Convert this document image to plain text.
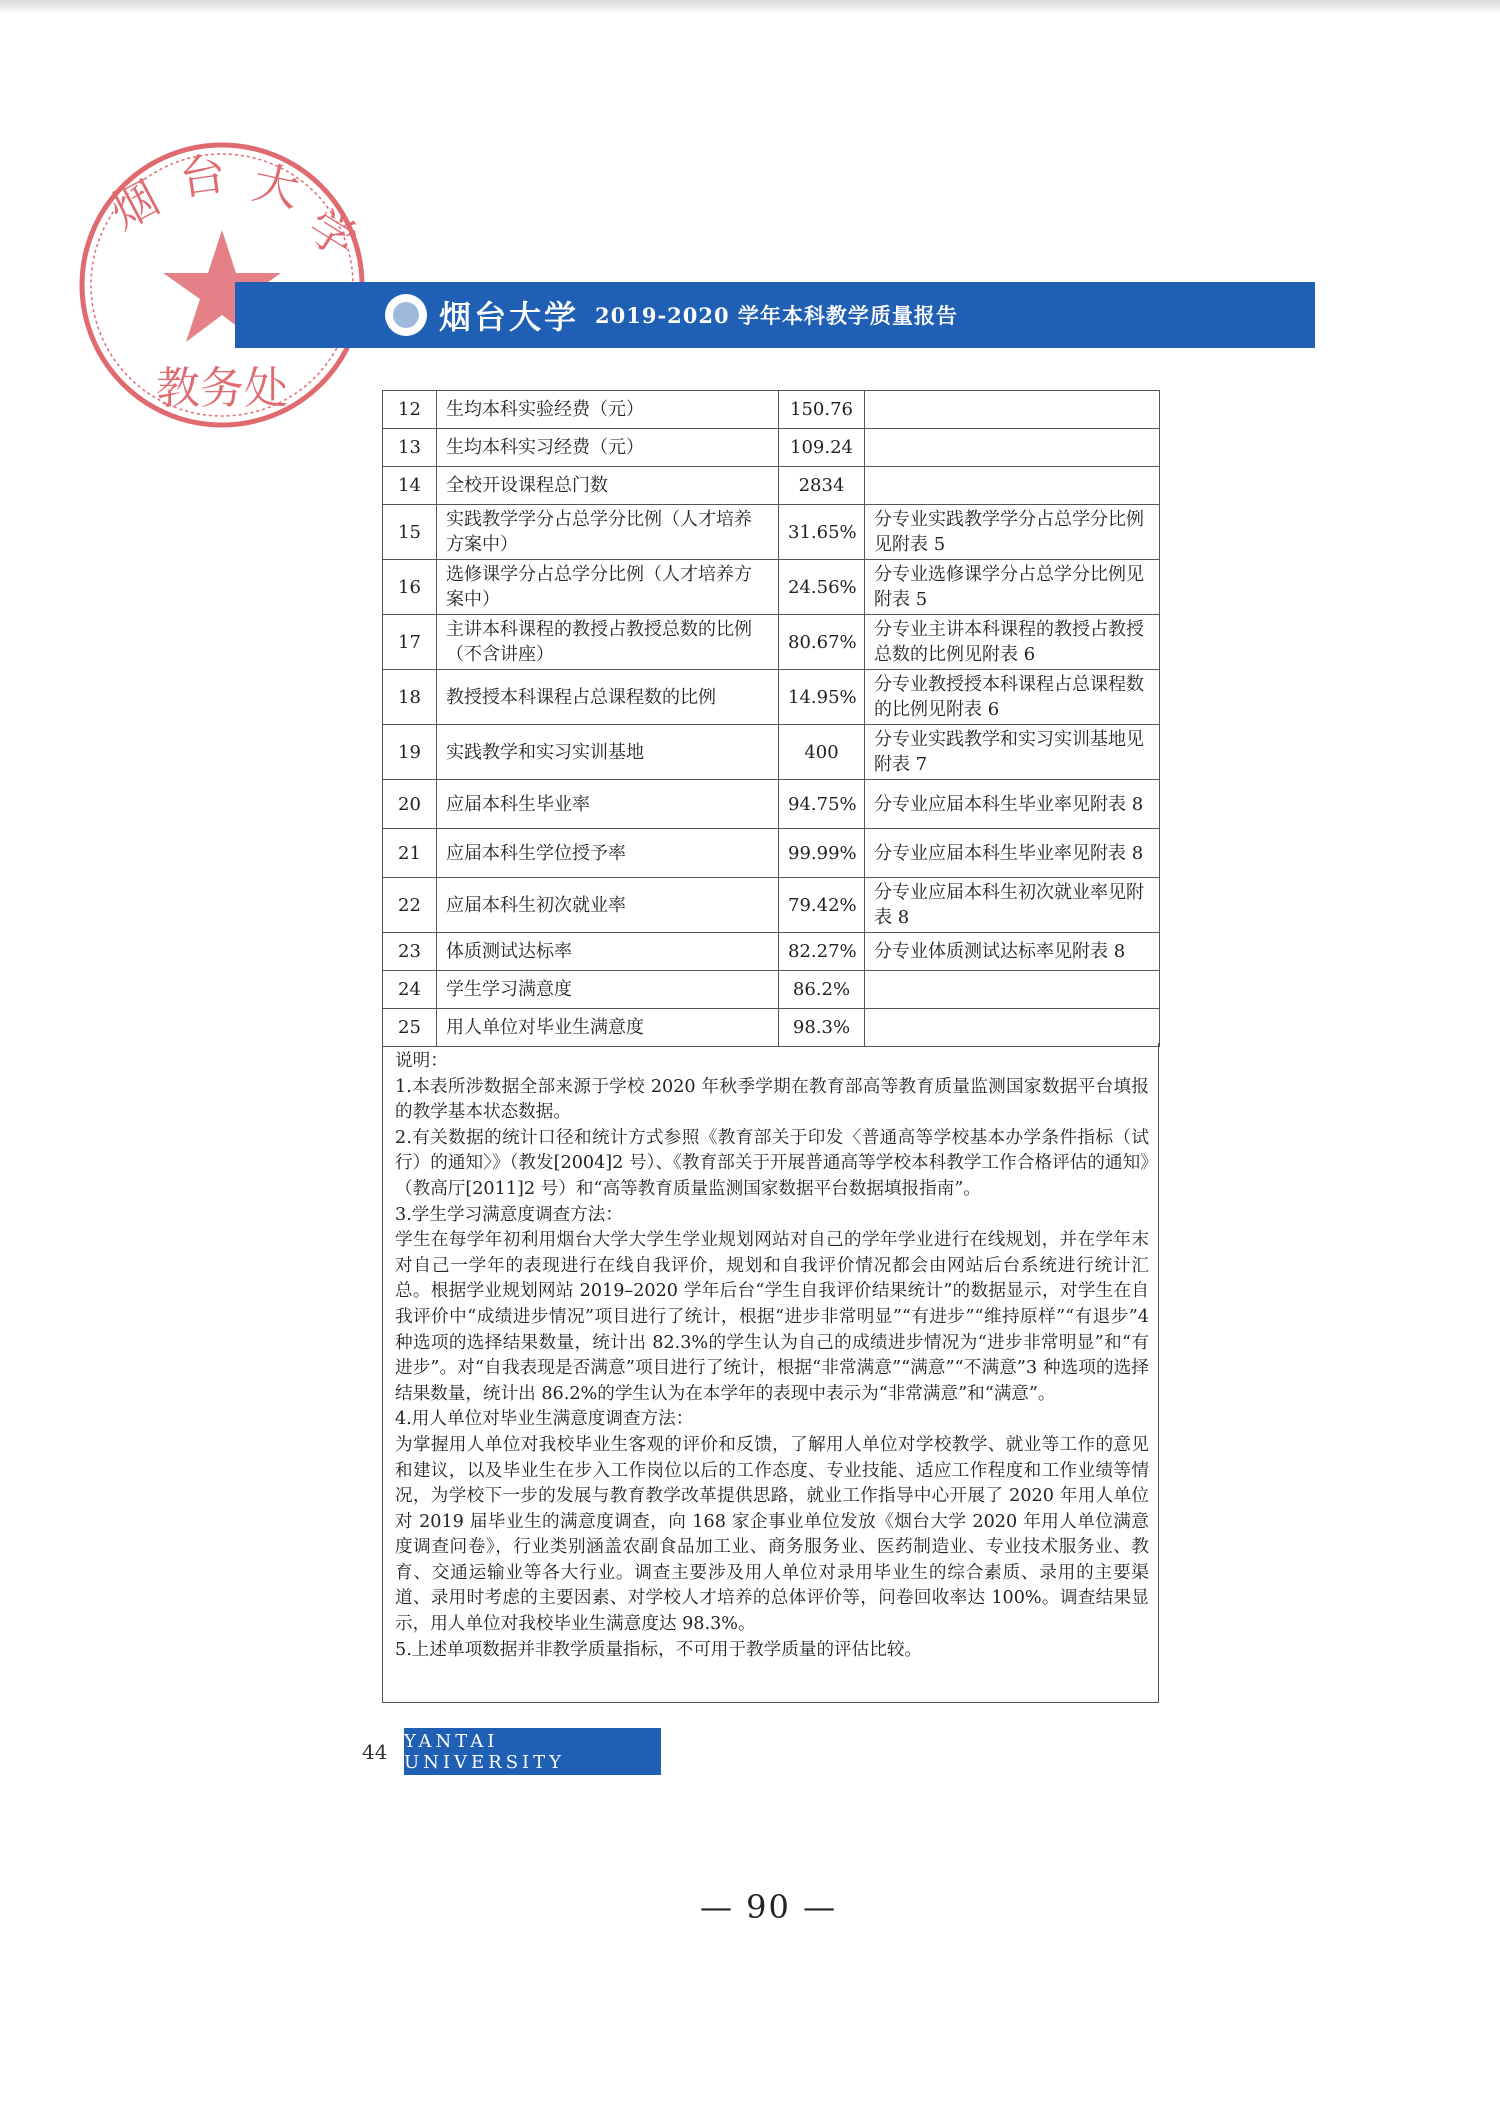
烟 台 大
学
教务处
烟台大学 2019-2020 学年本科教学质量报告
12	生均本科实验经费（元）	150.76	
13	生均本科实习经费（元）	109.24	
14	全校开设课程总门数	2834	
15	实践教学学分占总学分比例（人才培养方案中）	31.65%	分专业实践教学学分占总学分比例见附表 5
16	选修课学分占总学分比例（人才培养方案中）	24.56%	分专业选修课学分占总学分比例见附表 5
17	主讲本科课程的教授占教授总数的比例（不含讲座）	80.67%	分专业主讲本科课程的教授占教授总数的比例见附表 6
18	教授授本科课程占总课程数的比例	14.95%	分专业教授授本科课程占总课程数的比例见附表 6
19	实践教学和实习实训基地	400	分专业实践教学和实习实训基地见附表 7
20	应届本科生毕业率	94.75%	分专业应届本科生毕业率见附表 8
21	应届本科生学位授予率	99.99%	分专业应届本科生毕业率见附表 8
22	应届本科生初次就业率	79.42%	分专业应届本科生初次就业率见附表 8
23	体质测试达标率	82.27%	分专业体质测试达标率见附表 8
24	学生学习满意度	86.2%	
25	用人单位对毕业生满意度	98.3%	

说明：

1.本表所涉数据全部来源于学校 2020 年秋季学期在教育部高等教育质量监测国家数据平台填报的教学基本状态数据。

2.有关数据的统计口径和统计方式参照《教育部关于印发〈普通高等学校基本办学条件指标（试行）的通知〉》（教发[2004]2 号）、《教育部关于开展普通高等学校本科教学工作合格评估的通知》（教高厅[2011]2 号）和“高等教育质量监测国家数据平台数据填报指南”。

3.学生学习满意度调查方法：

学生在每学年初利用烟台大学大学生学业规划网站对自己的学年学业进行在线规划，并在学年末对自己一学年的表现进行在线自我评价，规划和自我评价情况都会由网站后台系统进行统计汇总。根据学业规划网站 2019–2020 学年后台“学生自我评价结果统计”的数据显示，对学生在自我评价中“成绩进步情况”项目进行了统计，根据“进步非常明显”“有进步”“维持原样”“有退步”4 种选项的选择结果数量，统计出 82.3%的学生认为自己的成绩进步情况为“进步非常明显”和“有进步”。对“自我表现是否满意”项目进行了统计，根据“非常满意”“满意”“不满意”3 种选项的选择结果数量，统计出 86.2%的学生认为在本学年的表现中表示为“非常满意”和“满意”。

4.用人单位对毕业生满意度调查方法：

为掌握用人单位对我校毕业生客观的评价和反馈，了解用人单位对学校教学、就业等工作的意见和建议，以及毕业生在步入工作岗位以后的工作态度、专业技能、适应工作程度和工作业绩等情况，为学校下一步的发展与教育教学改革提供思路，就业工作指导中心开展了 2020 年用人单位对 2019 届毕业生的满意度调查，向 168 家企事业单位发放《烟台大学 2020 年用人单位满意度调查问卷》，行业类别涵盖农副食品加工业、商务服务业、医药制造业、专业技术服务业、教育、交通运输业等各大行业。调查主要涉及用人单位对录用毕业生的综合素质、录用的主要渠道、录用时考虑的主要因素、对学校人才培养的总体评价等，问卷回收率达 100%。调查结果显示，用人单位对我校毕业生满意度达 98.3%。

5.上述单项数据并非教学质量指标，不可用于教学质量的评估比较。

44 YANTAI UNIVERSITY
— 90 —
